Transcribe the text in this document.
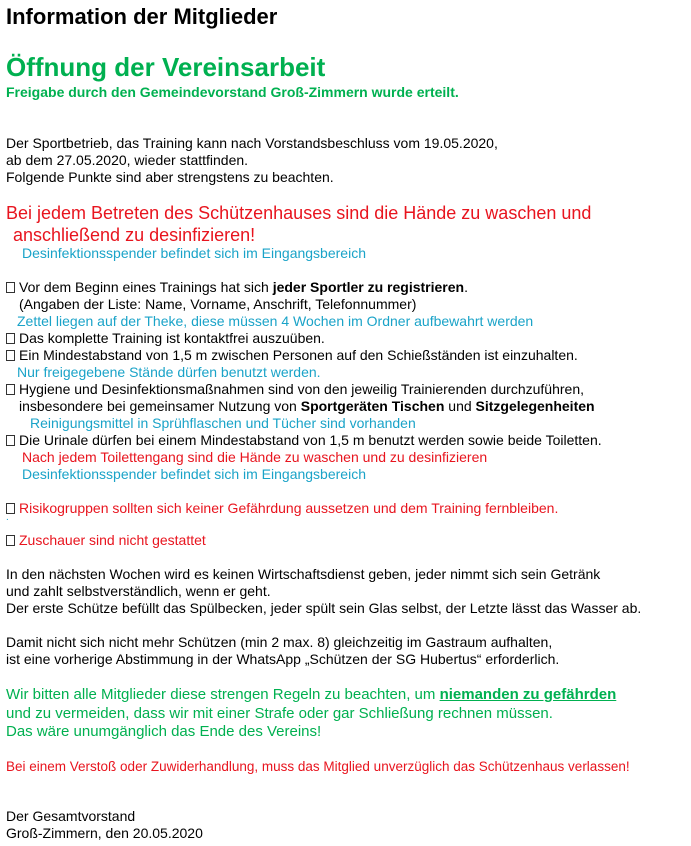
Information der Mitglieder
Öffnung der Vereinsarbeit
Freigabe durch den Gemeindevorstand Groß-Zimmern wurde erteilt.
Der Sportbetrieb, das Training kann nach Vorstandsbeschluss vom 19.05.2020,
ab dem 27.05.2020, wieder stattfinden.
Folgende Punkte sind aber strengstens zu beachten.
Bei jedem Betreten des Schützenhauses sind die Hände zu waschen und
anschließend zu desinfizieren!
Desinfektionsspender befindet sich im Eingangsbereich
Vor dem Beginn eines Trainings hat sich jeder Sportler zu registrieren.
(Angaben der Liste: Name, Vorname, Anschrift, Telefonnummer)
Zettel liegen auf der Theke, diese müssen 4 Wochen im Ordner aufbewahrt werden
Das komplette Training ist kontaktfrei auszuüben.
Ein Mindestabstand von 1,5 m zwischen Personen auf den Schießständen ist einzuhalten.
Nur freigegebene Stände dürfen benutzt werden.
Hygiene und Desinfektionsmaßnahmen sind von den jeweilig Trainierenden durchzuführen,
insbesondere bei gemeinsamer Nutzung von Sportgeräten Tischen und Sitzgelegenheiten
Reinigungsmittel in Sprühflaschen und Tücher sind vorhanden
Die Urinale dürfen bei einem Mindestabstand von 1,5 m benutzt werden sowie beide Toiletten.
Nach jedem Toilettengang sind die Hände zu waschen und zu desinfizieren
Desinfektionsspender befindet sich im Eingangsbereich
Risikogruppen sollten sich keiner Gefährdung aussetzen und dem Training fernbleiben.
.
Zuschauer sind nicht gestattet
In den nächsten Wochen wird es keinen Wirtschaftsdienst geben, jeder nimmt sich sein Getränk
und zahlt selbstverständlich, wenn er geht.
Der erste Schütze befüllt das Spülbecken, jeder spült sein Glas selbst, der Letzte lässt das Wasser ab.
Damit nicht sich nicht mehr Schützen (min 2 max. 8) gleichzeitig im Gastraum aufhalten,
ist eine vorherige Abstimmung in der WhatsApp „Schützen der SG Hubertus“ erforderlich.
Wir bitten alle Mitglieder diese strengen Regeln zu beachten, um niemanden zu gefährden
und zu vermeiden, dass wir mit einer Strafe oder gar Schließung rechnen müssen.
Das wäre unumgänglich das Ende des Vereins!
Bei einem Verstoß oder Zuwiderhandlung, muss das Mitglied unverzüglich das Schützenhaus verlassen!
Der Gesamtvorstand
Groß-Zimmern, den 20.05.2020
